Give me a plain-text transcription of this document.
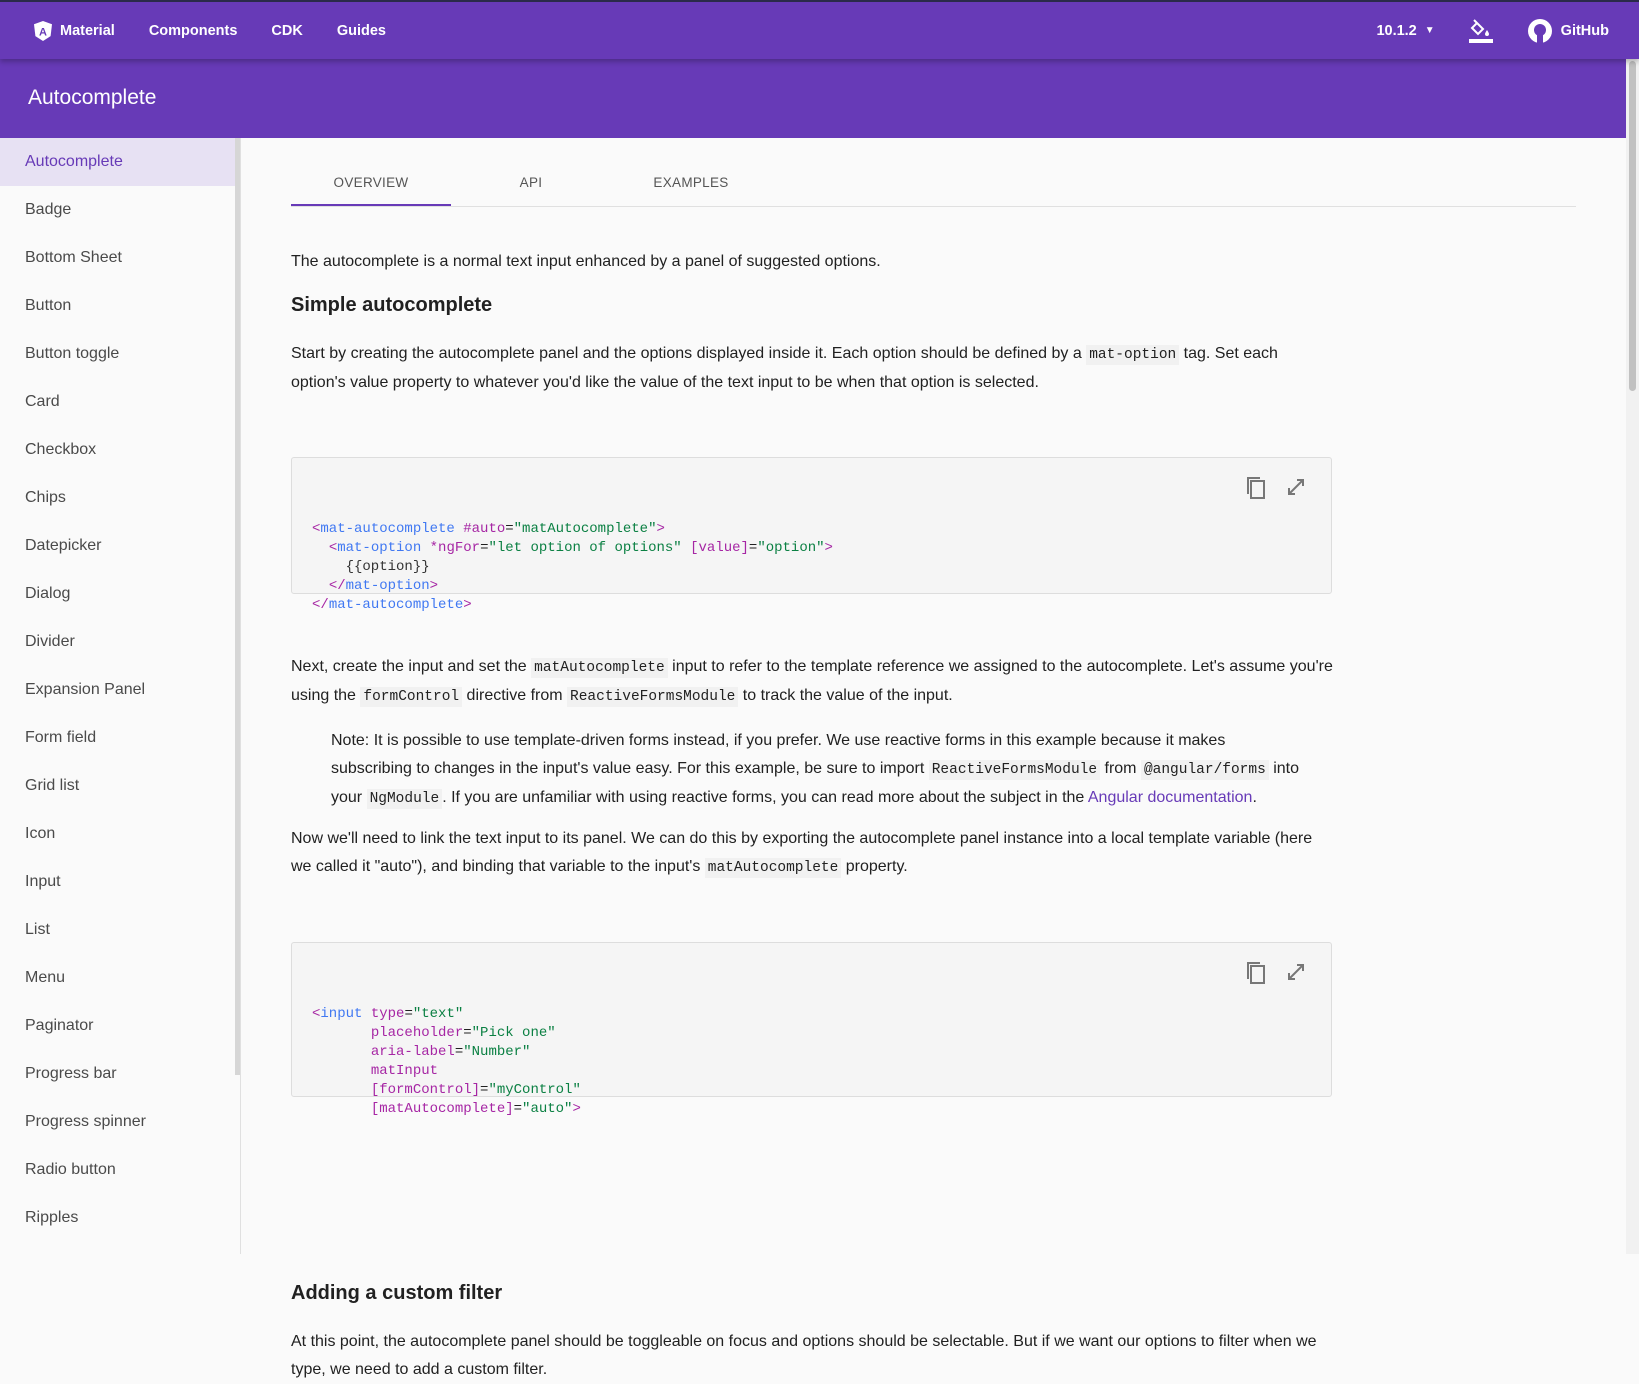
A Material Components CDK Guides	10.1.2 ▼	GitHub
Autocomplete
Autocomplete
Badge
Bottom Sheet
Button
Button toggle
Card
Checkbox
Chips
Datepicker
Dialog
Divider
Expansion Panel
Form field
Grid list
Icon
Input
List
Menu
Paginator
Progress bar
Progress spinner
Radio button
Ripples
OVERVIEW	API	EXAMPLES

The autocomplete is a normal text input enhanced by a panel of suggested options.

Simple autocomplete

Start by creating the autocomplete panel and the options displayed inside it. Each option should be defined by a mat-option tag. Set each option's value property to whatever you'd like the value of the text input to be when that option is selected.

<mat-autocomplete #auto="matAutocomplete">
<mat-option *ngFor="let option of options" [value]="option">
{{option}}
</mat-option>
</mat-autocomplete>

Next, create the input and set the matAutocomplete input to refer to the template reference we assigned to the autocomplete. Let's assume you're using the formControl directive from ReactiveFormsModule to track the value of the input.

Note: It is possible to use template-driven forms instead, if you prefer. We use reactive forms in this example because it makes subscribing to changes in the input's value easy. For this example, be sure to import ReactiveFormsModule from @angular/forms into your NgModule . If you are unfamiliar with using reactive forms, you can read more about the subject in the Angular documentation.

Now we'll need to link the text input to its panel. We can do this by exporting the autocomplete panel instance into a local template variable (here we called it "auto"), and binding that variable to the input's matAutocomplete property.

<input type="text"
placeholder="Pick one"
aria-label="Number"
matInput
[formControl]="myControl"
[matAutocomplete]="auto">

Adding a custom filter

At this point, the autocomplete panel should be toggleable on focus and options should be selectable. But if we want our options to filter when we type, we need to add a custom filter.
